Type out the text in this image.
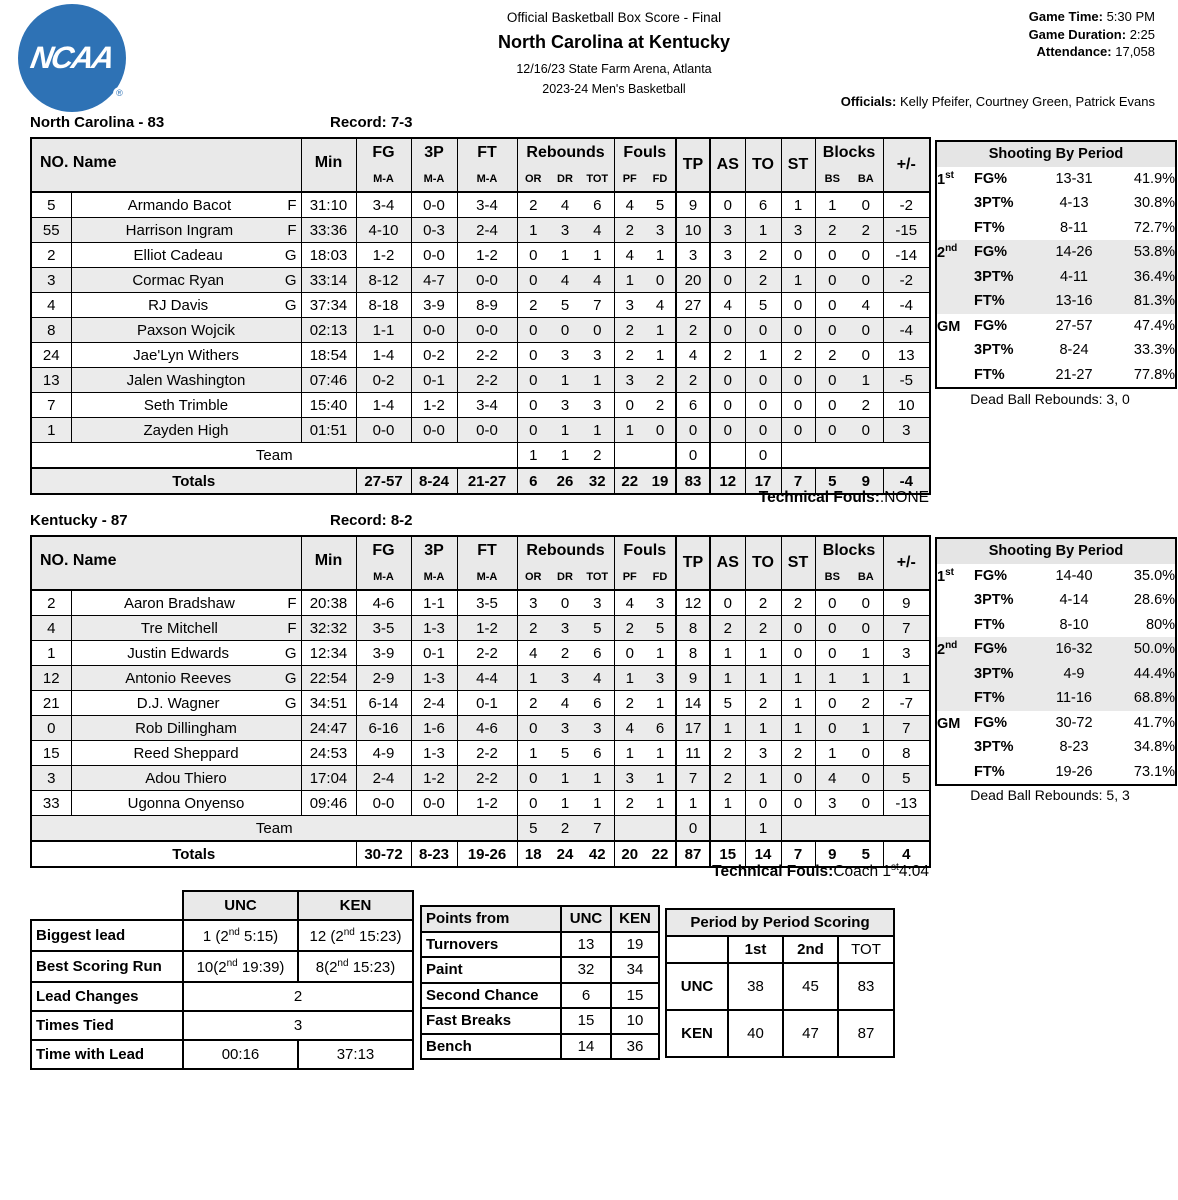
NCAA
®
Official Basketball Box Score - Final
North Carolina at Kentucky
12/16/23 State Farm Arena, Atlanta
2023-24 Men's Basketball
Game Time: 5:30 PM
Game Duration: 2:25
Attendance: 17,058
Officials: Kelly Pfeifer, Courtney Green, Patrick Evans
North Carolina - 83	Record: 7-3
NO. Name		Min	FG	3P	FT	Rebounds			Fouls		TP	AS	TO	ST	Blocks		+/-
			M-A	M-A	M-A	OR	DR	TOT	PF	FD					BS	BA	
5	Armando Bacot F	31:10	3-4	0-0	3-4	2	4	6	4	5	9	0	6	1	1	0	-2
55	Harrison Ingram F	33:36	4-10	0-3	2-4	1	3	4	2	3	10	3	1	3	2	2	-15
2	Elliot Cadeau G	18:03	1-2	0-0	1-2	0	1	1	4	1	3	3	2	0	0	0	-14
3	Cormac Ryan G	33:14	8-12	4-7	0-0	0	4	4	1	0	20	0	2	1	0	0	-2
4	RJ Davis G	37:34	8-18	3-9	8-9	2	5	7	3	4	27	4	5	0	0	4	-4
8	Paxson Wojcik	02:13	1-1	0-0	0-0	0	0	0	2	1	2	0	0	0	0	0	-4
24	Jae'Lyn Withers	18:54	1-4	0-2	2-2	0	3	3	2	1	4	2	1	2	2	0	13
13	Jalen Washington	07:46	0-2	0-1	2-2	0	1	1	3	2	2	0	0	0	0	1	-5
7	Seth Trimble	15:40	1-4	1-2	3-4	0	3	3	0	2	6	0	0	0	0	2	10
1	Zayden High	01:51	0-0	0-0	0-0	0	1	1	1	0	0	0	0	0	0	0	3
Team						1	1	2			0		0				
Totals			27-57	8-24	21-27	6	26	32	22	19	83	12	17	7	5	9	-4
Shooting By Period			
1st	FG%	13-31	41.9%
	3PT%	4-13	30.8%
	FT%	8-11	72.7%
2nd	FG%	14-26	53.8%
	3PT%	4-11	36.4%
	FT%	13-16	81.3%
GM	FG%	27-57	47.4%
	3PT%	8-24	33.3%
	FT%	21-27	77.8%
Dead Ball Rebounds: 3, 0
Technical Fouls::NONE
Kentucky - 87	Record: 8-2
NO. Name		Min	FG	3P	FT	Rebounds			Fouls		TP	AS	TO	ST	Blocks		+/-
			M-A	M-A	M-A	OR	DR	TOT	PF	FD					BS	BA	
2	Aaron Bradshaw F	20:38	4-6	1-1	3-5	3	0	3	4	3	12	0	2	2	0	0	9
4	Tre Mitchell F	32:32	3-5	1-3	1-2	2	3	5	2	5	8	2	2	0	0	0	7
1	Justin Edwards G	12:34	3-9	0-1	2-2	4	2	6	0	1	8	1	1	0	0	1	3
12	Antonio Reeves G	22:54	2-9	1-3	4-4	1	3	4	1	3	9	1	1	1	1	1	1
21	D.J. Wagner G	34:51	6-14	2-4	0-1	2	4	6	2	1	14	5	2	1	0	2	-7
0	Rob Dillingham	24:47	6-16	1-6	4-6	0	3	3	4	6	17	1	1	1	0	1	7
15	Reed Sheppard	24:53	4-9	1-3	2-2	1	5	6	1	1	11	2	3	2	1	0	8
3	Adou Thiero	17:04	2-4	1-2	2-2	0	1	1	3	1	7	2	1	0	4	0	5
33	Ugonna Onyenso	09:46	0-0	0-0	1-2	0	1	1	2	1	1	1	0	0	3	0	-13
Team						5	2	7			0		1				
Totals			30-72	8-23	19-26	18	24	42	20	22	87	15	14	7	9	5	4
Shooting By Period			
1st	FG%	14-40	35.0%
	3PT%	4-14	28.6%
	FT%	8-10	80%
2nd	FG%	16-32	50.0%
	3PT%	4-9	44.4%
	FT%	11-16	68.8%
GM	FG%	30-72	41.7%
	3PT%	8-23	34.8%
	FT%	19-26	73.1%
Dead Ball Rebounds: 5, 3
Technical Fouls:Coach 1st4:04
	UNC	KEN
Biggest lead	1 (2nd 5:15)	12 (2nd 15:23)
Best Scoring Run	10(2nd 19:39)	8(2nd 15:23)
Lead Changes	2	
Times Tied	3	
Time with Lead	00:16	37:13
Points from	UNC	KEN
Turnovers	13	19
Paint	32	34
Second Chance	6	15
Fast Breaks	15	10
Bench	14	36
Period by Period Scoring			
	1st	2nd	TOT
UNC	38	45	83
KEN	40	47	87
